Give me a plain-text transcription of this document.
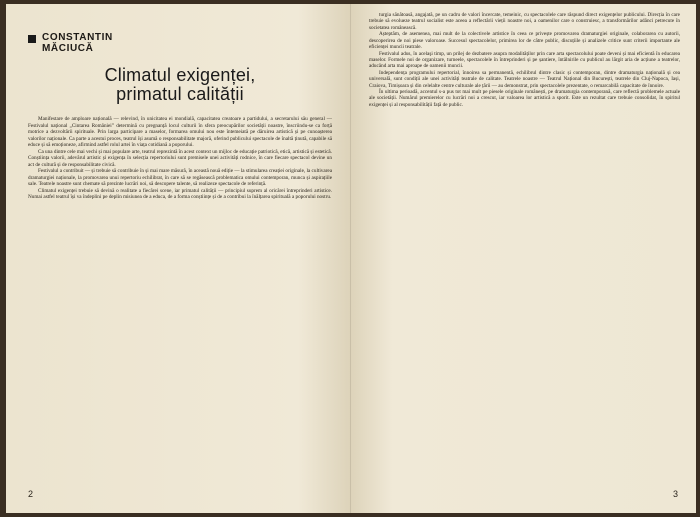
CONSTANTIN
MĂCIUCĂ
Climatul exigenței,
primatul calității

Manifestare de amploare națională — relevind, în unicitatea ei mondială, capacitatea creatoare a partidului, a secretarului său general — Festivalul național „Cintarea României” determină cu pregnanță locul culturii în sfera preocupărilor societății noastre, înscriindu-se ca forță motrice a dezvoltării spirituale. Prin larga participare a maselor, formarea omului nou este întemeiată pe dăruirea artistică și pe cunoașterea valorilor naționale. Ca parte a acestui proces, teatrul își asumă o responsabilitate majoră, oferind publicului spectacole de înaltă ținută, capabile să educe și să emoționeze, afirmind astfel rolul artei în viața cotidiană a poporului.

Ca una dintre cele mai vechi și mai populare arte, teatrul reprezintă în acest context un mijloc de educație patriotică, etică, artistică și estetică. Conștiința valorii, adevărul artistic și exigența în selecția repertoriului sunt premisele unei activități rodnice, în care fiecare spectacol devine un act de cultură și de responsabilitate civică.

Festivalul a contribuit — și trebuie să contribuie în și mai mare măsură, în această nouă ediție — la stimularea creației originale, la cultivarea dramaturgiei naționale, la promovarea unui repertoriu echilibrat, în care să se regăsească problematica omului contemporan, munca și aspirațiile sale. Teatrele noastre sunt chemate să prezinte lucrări noi, să descopere talente, să realizeze spectacole de referință.

Climatul exigenței trebuie să devină o realitate a fiecărei scene, iar primatul calității — principiul suprem al oricărei întreprinderi artistice. Numai astfel teatrul își va îndeplini pe deplin misiunea de a educa, de a forma conștiințe și de a contribui la înălțarea spirituală a poporului nostru.

2

turgia sănătoasă, angajată, pe un cadru de valori încercate, temeinic, cu spectacolele care răspund direct exigențelor publicului. Direcția în care trebuie să evolueze teatrul socialist este aceea a reflectării vieții noastre noi, a oamenilor care o construiesc, a transformărilor adânci petrecute în societatea românească.

Așteptăm, de asemenea, mai mult de la colectivele artistice în ceea ce privește promovarea dramaturgiei originale, colaborarea cu autorii, descoperirea de noi piese valoroase. Succesul spectacolelor, primirea lor de către public, discuțiile și analizele critice sunt criterii importante ale eficienței muncii teatrale.

Festivalul adus, în acelaşi timp, un prilej de dezbatere asupra modalităților prin care arta spectacolului poate deveni și mai eficientă în educarea maselor. Formele noi de organizare, turneele, spectacolele în întreprinderi și pe șantiere, întâlnirile cu publicul au lărgit aria de acțiune a teatrelor, aducând arta mai aproape de oamenii muncii.

Independența programului repertorial, înnoirea sa permanentă, echilibrul dintre clasic și contemporan, dintre dramaturgia națională și cea universală, sunt condiții ale unei activități teatrale de calitate. Teatrele noastre — Teatrul Național din București, teatrele din Cluj-Napoca, Iași, Craiova, Timișoara și din celelalte centre culturale ale țării — au demonstrat, prin spectacolele prezentate, o remarcabilă capacitate de înnoire.

În ultima perioadă, accentul s-a pus tot mai mult pe piesele originale românești, pe dramaturgia contemporană, care reflectă problemele actuale ale societății. Numărul premierelor cu lucrări noi a crescut, iar valoarea lor artistică a sporit. Este un rezultat care trebuie consolidat, în spiritul exigenței și al responsabilității față de public.

3
